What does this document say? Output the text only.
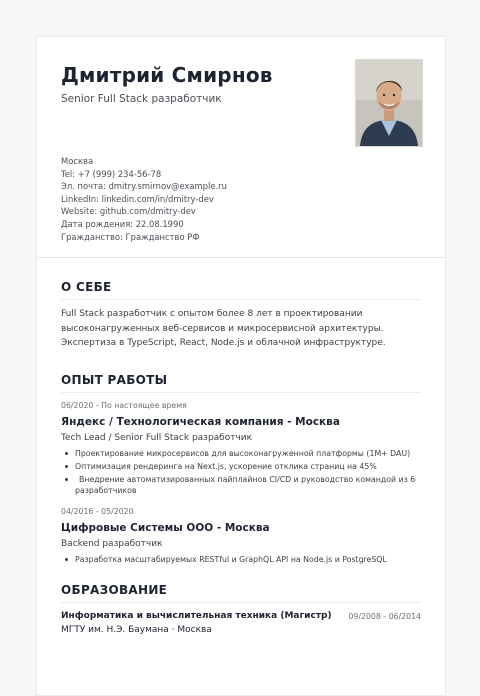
Дмитрий Смирнов
Senior Full Stack разработчик
Москва
Tel: +7 (999) 234-56-78
Эл. почта: dmitry.smirnov@example.ru
LinkedIn: linkedin.com/in/dmitry-dev
Website: github.com/dmitry-dev
Дата рождения: 22.08.1990
Гражданство: Гражданство РФ
О СЕБЕ

Full Stack разработчик с опытом более 8 лет в проектировании высоконагруженных веб-сервисов и микросервисной архитектуры. Экспертиза в TypeScript, React, Node.js и облачной инфраструктуре.

ОПЫТ РАБОТЫ
06/2020 - По настоящее время
Яндекс / Технологическая компания - Москва
Tech Lead / Senior Full Stack разработчик
Проектирование микросервисов для высоконагруженной платформы (1M+ DAU)
Оптимизация рендеринга на Next.js, ускорение отклика страниц на 45%
Внедрение автоматизированных пайплайнов CI/CD и руководство командой из 6 разработчиков
04/2016 - 05/2020
Цифровые Системы ООО - Москва
Backend разработчик
Разработка масштабируемых RESTful и GraphQL API на Node.js и PostgreSQL
ОБРАЗОВАНИЕ
Информатика и вычислительная техника (Магистр)	09/2008 - 06/2014
МГТУ им. Н.Э. Баумана · Москва
